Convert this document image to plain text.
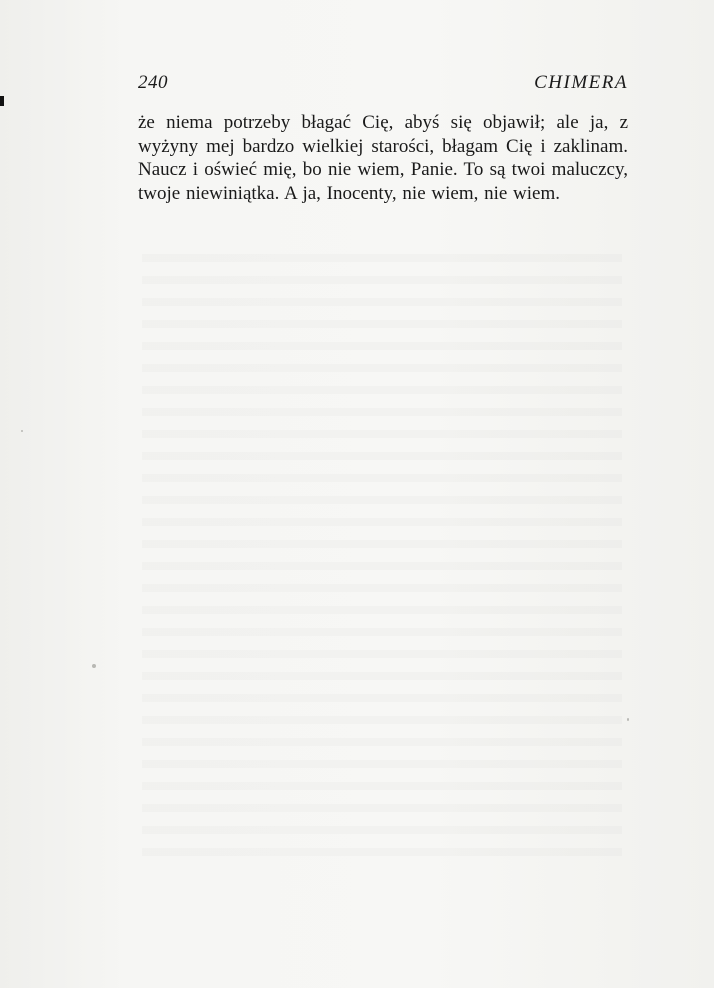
240	CHIMERA

że niema potrzeby błagać Cię, abyś się objawił; ale ja, z wyżyny mej bardzo wielkiej starości, błagam Cię i zaklinam. Naucz i oświeć mię, bo nie wiem, Panie. To są twoi maluczcy, twoje niewiniątka. A ja, Inocenty, nie wiem, nie wiem.
